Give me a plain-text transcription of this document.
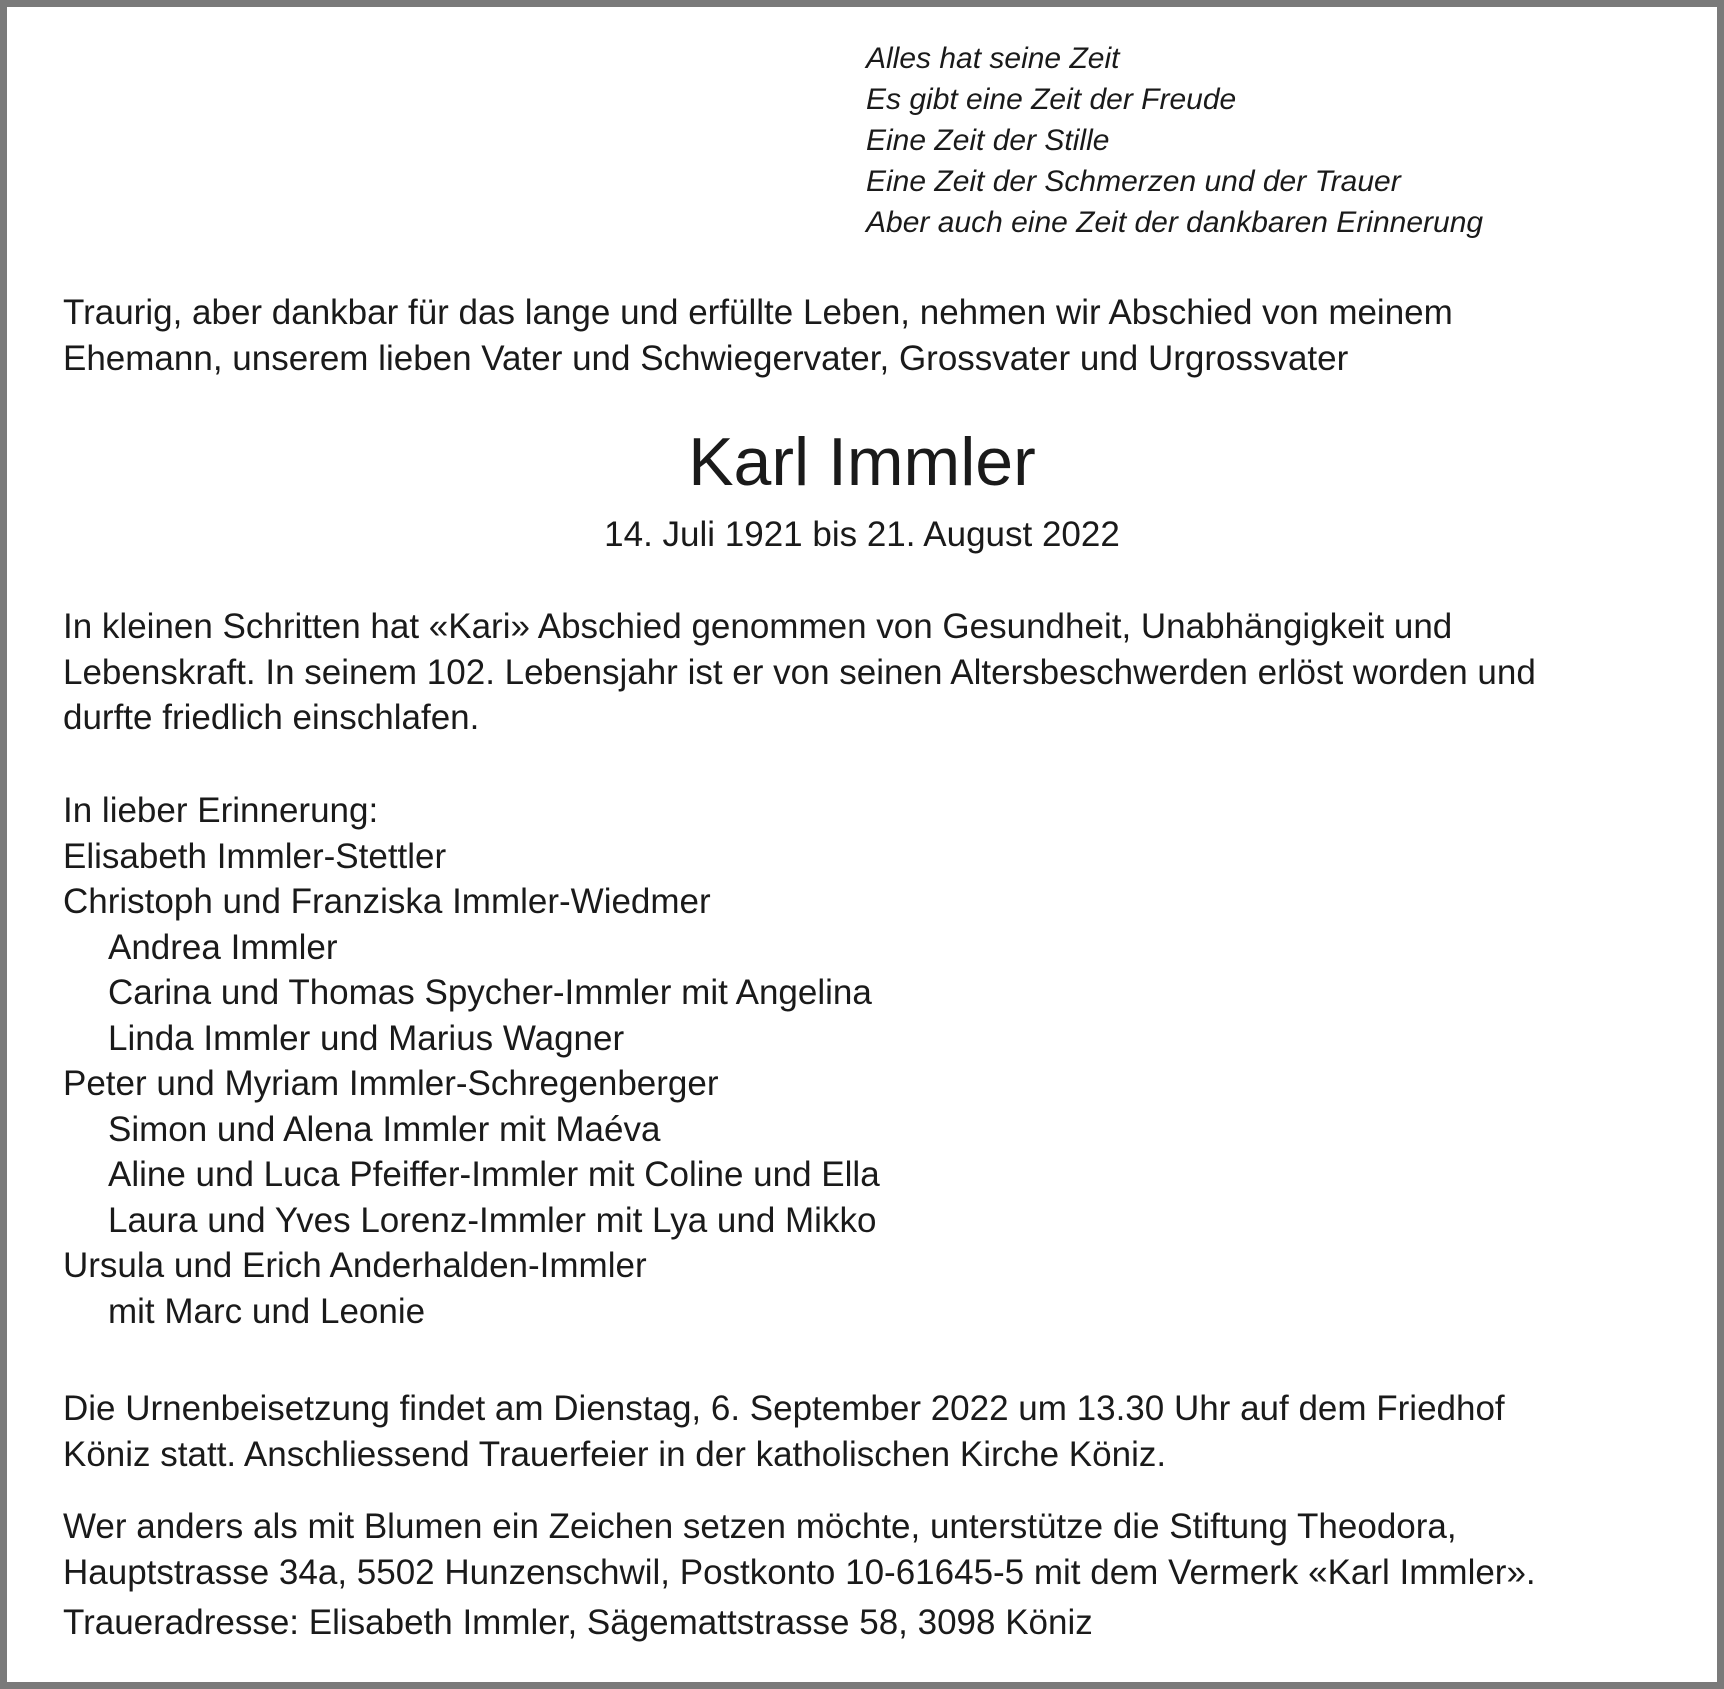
Alles hat seine Zeit
Es gibt eine Zeit der Freude
Eine Zeit der Stille
Eine Zeit der Schmerzen und der Trauer
Aber auch eine Zeit der dankbaren Erinnerung
Traurig, aber dankbar für das lange und erfüllte Leben, nehmen wir Abschied von meinem
Ehemann, unserem lieben Vater und Schwiegervater, Grossvater und Urgrossvater
Karl Immler
14. Juli 1921 bis 21. August 2022
In kleinen Schritten hat «Kari» Abschied genommen von Gesundheit, Unabhängigkeit und
Lebenskraft. In seinem 102. Lebensjahr ist er von seinen Altersbeschwerden erlöst worden und
durfte friedlich einschlafen.
In lieber Erinnerung:
Elisabeth Immler-Stettler
Christoph und Franziska Immler-Wiedmer
Andrea Immler
Carina und Thomas Spycher-Immler mit Angelina
Linda Immler und Marius Wagner
Peter und Myriam Immler-Schregenberger
Simon und Alena Immler mit Maéva
Aline und Luca Pfeiffer-Immler mit Coline und Ella
Laura und Yves Lorenz-Immler mit Lya und Mikko
Ursula und Erich Anderhalden-Immler
mit Marc und Leonie
Die Urnenbeisetzung findet am Dienstag, 6. September 2022 um 13.30 Uhr auf dem Friedhof
Köniz statt. Anschliessend Trauerfeier in der katholischen Kirche Köniz.
Wer anders als mit Blumen ein Zeichen setzen möchte, unterstütze die Stiftung Theodora,
Hauptstrasse 34a, 5502 Hunzenschwil, Postkonto 10-61645-5 mit dem Vermerk «Karl Immler».
Traueradresse: Elisabeth Immler, Sägemattstrasse 58, 3098 Köniz
